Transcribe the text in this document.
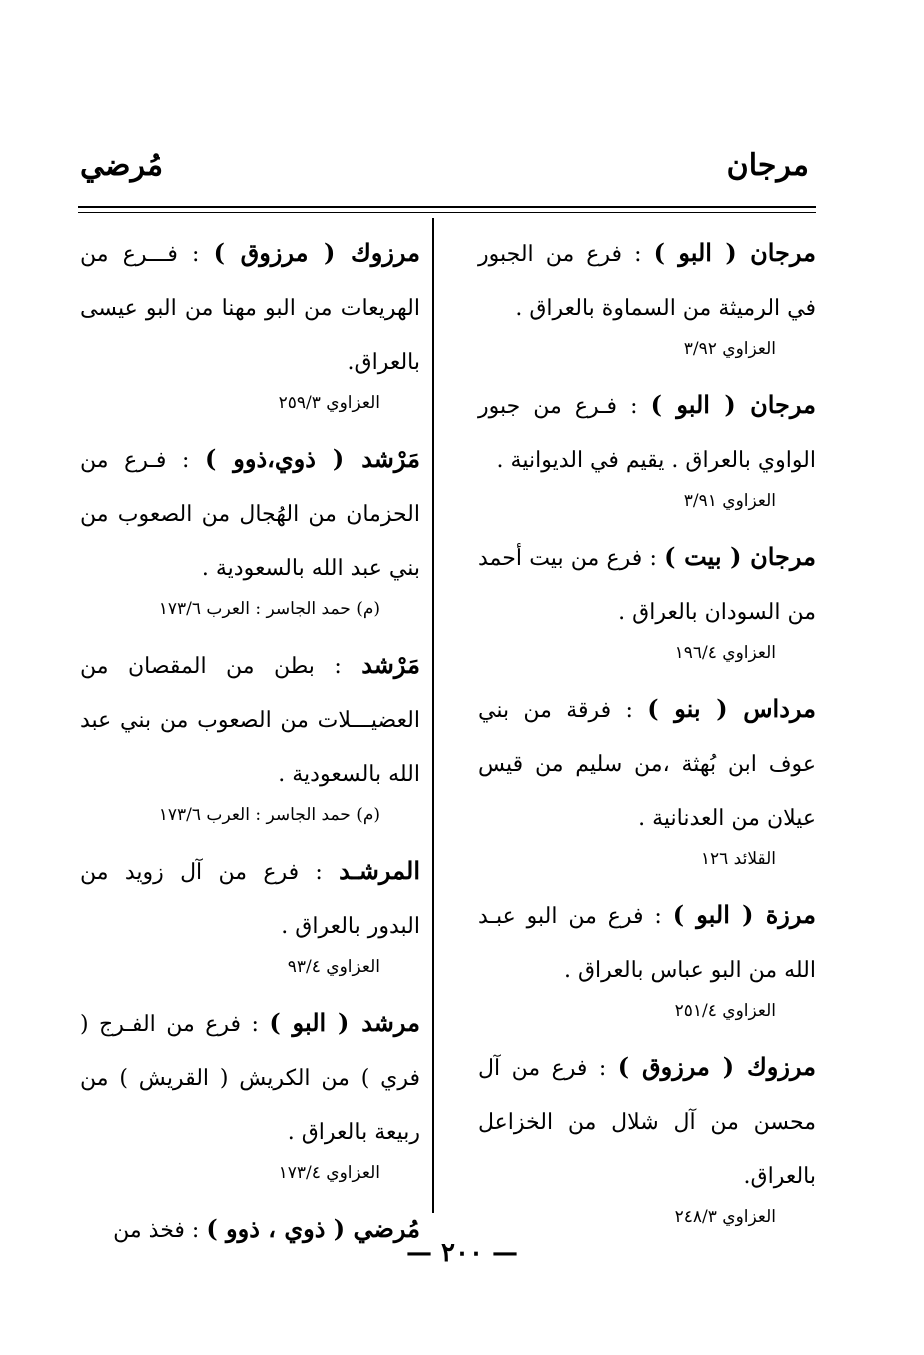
مرجان
مُرضي
مرجان ( البو ) : فرع من الجبور في الرميثة من السماوة بالعراق .
العزاوي ٣/٩٢
مرجان ( البو ) : فـرع من جبور الواوي بالعراق . يقيم في الديوانية .
العزاوي ٣/٩١
مرجان ( بيت ) : فرع من بيت أحمد من السودان بالعراق .
العزاوي ١٩٦/٤
مرداس ( بنو ) : فرقة من بني عوف ابن بُهثة ،من سليم من قيس عيلان من العدنانية .
القلائد ١٢٦
مرزة ( البو ) : فرع من البو عبـد الله من البو عباس بالعراق .
العزاوي ٢٥١/٤
مرزوك ( مرزوق ) : فرع من آل محسن من آل شلال من الخزاعل بالعراق.
العزاوي ٢٤٨/٣
مرزوك ( مرزوق ) : فـــرع من الهريعات من البو مهنا من البو عيسى بالعراق.
العزاوي ٢٥٩/٣
مَرْشد ( ذوي،ذوو ) : فـرع من الحزمان من الهُجال من الصعوب من بني عبد الله بالسعودية .
(م) حمد الجاسر : العرب ١٧٣/٦
مَرْشد : بطن من المقصان من العضيـــلات من الصعوب من بني عبد الله بالسعودية .
(م) حمد الجاسر : العرب ١٧٣/٦
المرشـد : فرع من آل زويد من البدور بالعراق .
العزاوي ٩٣/٤
مرشد ( البو ) : فرع من الفـرج ( فري ) من الكريش ( القريش ) من ربيعة بالعراق .
العزاوي ١٧٣/٤
مُرضي ( ذوي ، ذوو ) : فخذ من
— ٢٠٠ —
